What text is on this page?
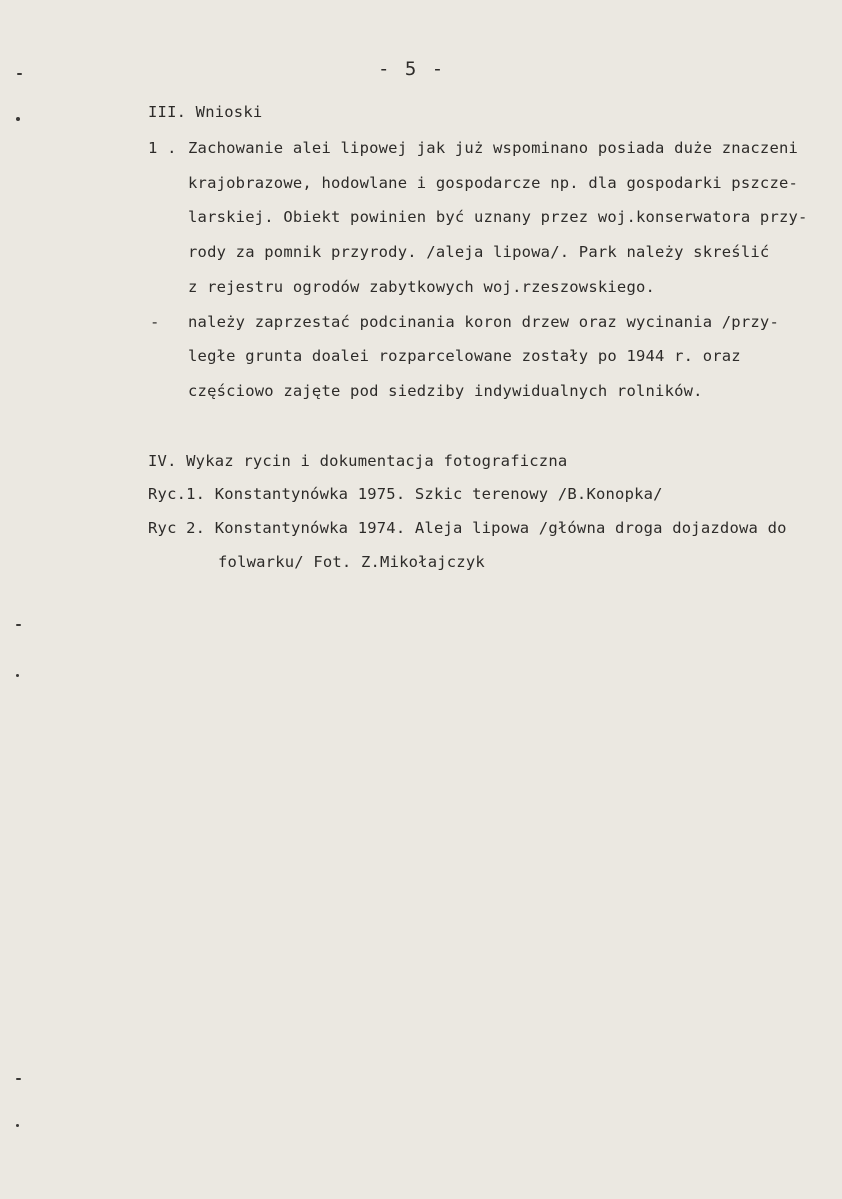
- 5 -
III. Wnioski
1 . Zachowanie alei lipowej jak już wspominano posiada duże znaczeni
krajobrazowe, hodowlane i gospodarcze np. dla gospodarki pszcze-
larskiej. Obiekt powinien być uznany przez woj.konserwatora przy-
rody za pomnik przyrody. /aleja lipowa/. Park należy skreślić
z rejestru ogrodów zabytkowych woj.rzeszowskiego.
- należy zaprzestać podcinania koron drzew oraz wycinania /przy-
ległe grunta doalei rozparcelowane zostały po 1944 r. oraz
częściowo zajęte pod siedziby indywidualnych rolników.
IV. Wykaz rycin i dokumentacja fotograficzna
Ryc.1. Konstantynówka 1975. Szkic terenowy /B.Konopka/
Ryc 2. Konstantynówka 1974. Aleja lipowa /główna droga dojazdowa do
folwarku/ Fot. Z.Mikołajczyk
